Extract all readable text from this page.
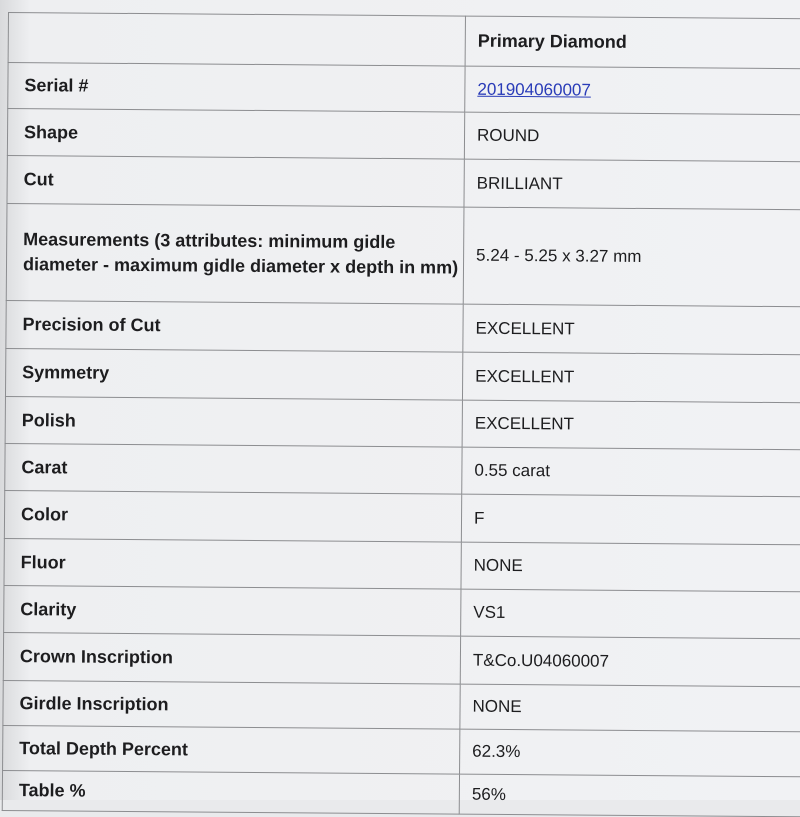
	Primary Diamond
Serial #	201904060007
Shape	ROUND
Cut	BRILLIANT
Measurements (3 attributes: minimum gidle diameter - maximum gidle diameter x depth in mm)	5.24 - 5.25 x 3.27 mm
Precision of Cut	EXCELLENT
Symmetry	EXCELLENT
Polish	EXCELLENT
Carat	0.55 carat
Color	F
Fluor	NONE
Clarity	VS1
Crown Inscription	T&Co.U04060007
Girdle Inscription	NONE
Total Depth Percent	62.3%
Table %	56%
